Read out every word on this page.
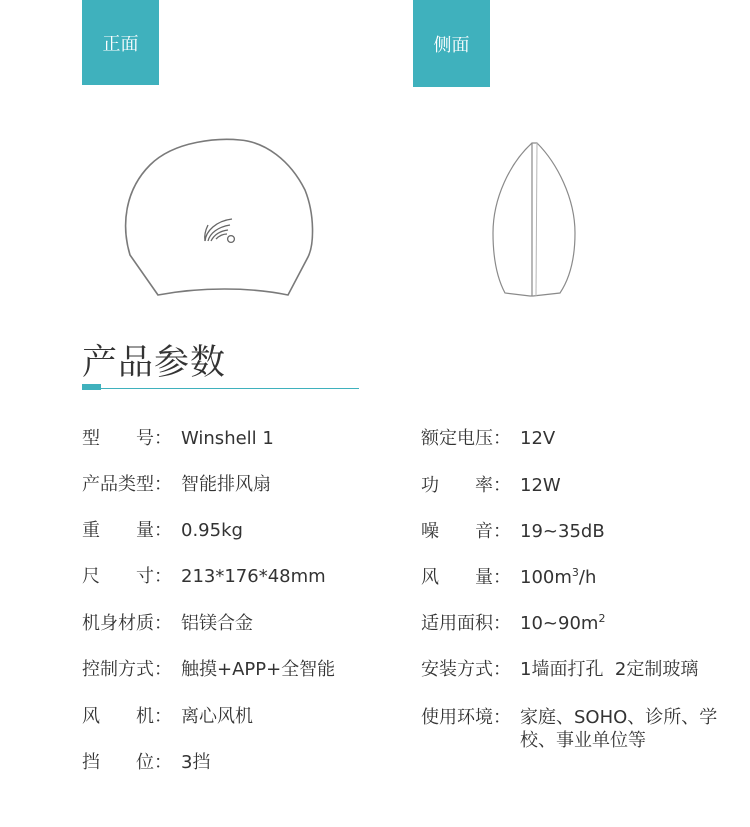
正面	侧面
产品参数
型 号： Winshell 1
产品类型 ： 智能排风扇
重 量： 0.95kg
尺 寸： 213*176*48mm
机身材质 ： 铝镁合金
控制方式 ： 触摸+APP+全智能
风 机： 离心风机
挡 位： 3挡
额定电压 ： 12V
功 率： 12W
噪 音： 19~35dB
风 量： $100m^3/h$
适用面积 ： $10\sim 90m^2$
安装方式 ： 1墙面打孔  2定制玻璃
使用环境 ： 家庭、SOHO、诊所、学校、事业单位等
